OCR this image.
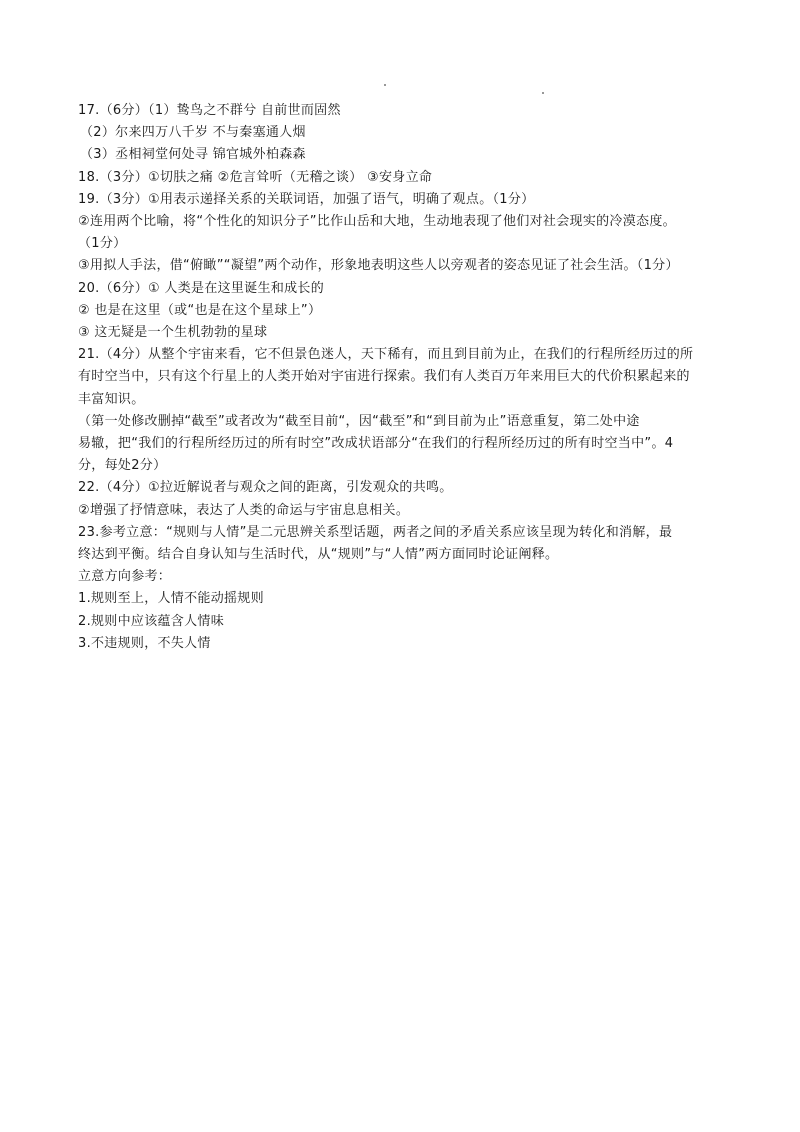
17.（6分）（1）鸷鸟之不群兮 自前世而固然
（2）尔来四万八千岁 不与秦塞通人烟
（3）丞相祠堂何处寻 锦官城外柏森森
18.（3分）①切肤之痛 ②危言耸听（无稽之谈） ③安身立命
19.（3分）①用表示递择关系的关联词语，加强了语气，明确了观点。（1分）
②连用两个比喻，将“个性化的知识分子”比作山岳和大地，生动地表现了他们对社会现实的冷漠态度。
（1分）
③用拟人手法，借“俯瞰”“凝望”两个动作，形象地表明这些人以旁观者的姿态见证了社会生活。（1分）
20.（6分）① 人类是在这里诞生和成长的
② 也是在这里（或“也是在这个星球上”）
③ 这无疑是一个生机勃勃的星球
21.（4分）从整个宇宙来看，它不但景色迷人，天下稀有，而且到目前为止，在我们的行程所经历过的所
有时空当中，只有这个行星上的人类开始对宇宙进行探索。我们有人类百万年来用巨大的代价积累起来的
丰富知识。
（第一处修改删掉“截至”或者改为“截至目前“，因“截至”和“到目前为止”语意重复，第二处中途
易辙，把“我们的行程所经历过的所有时空”改成状语部分“在我们的行程所经历过的所有时空当中”。4
分，每处2分）
22.（4分）①拉近解说者与观众之间的距离，引发观众的共鸣。
②增强了抒情意味，表达了人类的命运与宇宙息息相关。
23.参考立意：“规则与人情”是二元思辨关系型话题，两者之间的矛盾关系应该呈现为转化和消解，最
终达到平衡。结合自身认知与生活时代，从“规则”与“人情”两方面同时论证阐释。
立意方向参考：
1.规则至上，人情不能动摇规则
2.规则中应该蕴含人情味
3.不违规则，不失人情
